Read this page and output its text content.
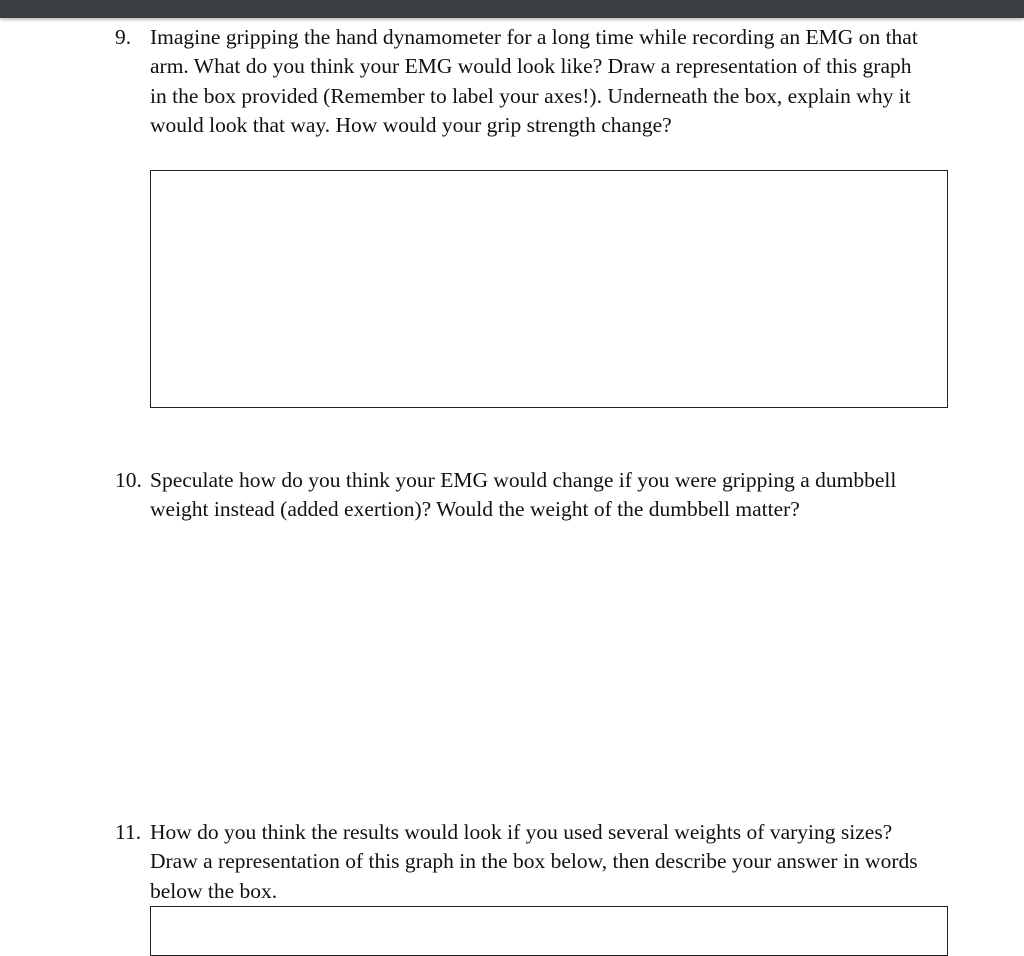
9. Imagine gripping the hand dynamometer for a long time while recording an EMG on that
arm. What do you think your EMG would look like? Draw a representation of this graph
in the box provided (Remember to label your axes!). Underneath the box, explain why it
would look that way. How would your grip strength change?
10. Speculate how do you think your EMG would change if you were gripping a dumbbell
weight instead (added exertion)? Would the weight of the dumbbell matter?
11. How do you think the results would look if you used several weights of varying sizes?
Draw a representation of this graph in the box below, then describe your answer in words
below the box.
